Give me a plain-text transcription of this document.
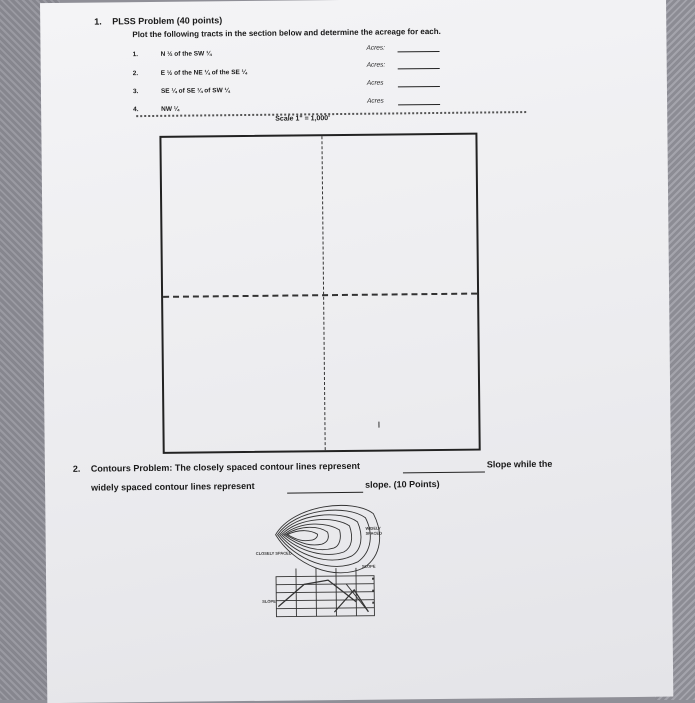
1. PLSS Problem (40 points)
Plot the following tracts in the section below and determine the acreage for each.
1.	N ½ of the SW ¼
Acres:
2.	E ½ of the NE ¼ of the SE ¼
Acres:
3.	SE ¼ of SE ¼ of SW ¼
Acres
4.	NW ¼
Acres
Scale 1" = 1,000'
2. Contours Problem: The closely spaced contour lines represent	Slope while the
widely spaced contour lines represent	slope. (10 Points)
WIDELY SPACED
CLOSELY SPACED
SLOPE
SLOPE
